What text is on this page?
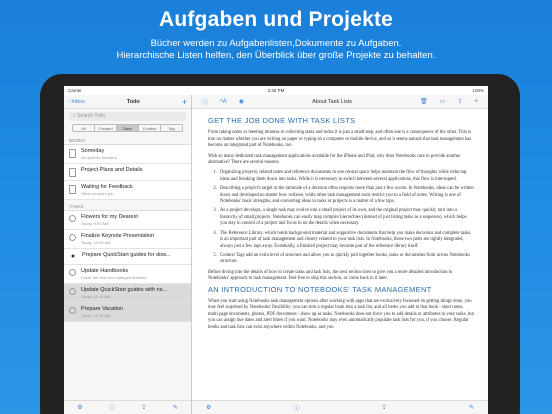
Aufgaben und Projekte
Bücher werden zu Aufgabenlisten,Dokumente zu Aufgaben.
Hierarchische Listen helfen, den Überblick über große Projekte zu behalten.
Carrier	3:36 PM	100%
‹ Inbox	Todo	+
⌕ Search Todo
All	Created	Date	Context	Tag
BOOKS
Someday
No specific deadline
Project Plans and Details
Waiting for Feedback
Other people's job
TASKS
Flowers for my Dearest
Today, 9:00 AM
Finalize Keynote Presentation
Today, 10:00 AM
●	Prepare QuickStart guides for dow...
Update Handbooks
Cover the new and changed features
Update QuickStart guides with ne...
Today, 11:00 AM
Prepare Vacation
Today, 11:00 AM
⚙	ⓘ	⇪	✎
ⓘ ᴬA ◉	About Task Lists	🗑 ▭ ⇪ +
GET THE JOB DONE WITH TASK LISTS

From taking notes or meeting minutes to collecting tasks and todos it is just a small step, and often one is a consequence of the other. This is true no matter whether you are writing on paper or typing on a computer or mobile device, and so it seems natural that task management has become an integrated part of Notebooks, too.

With so many dedicated task management applications available for the iPhone and iPad, why does Notebooks care to provide another alternative? There are several reasons.

1. Organizing projects, related notes and reference documents in one central space helps maintain the flow of thoughts while reducing ideas and breaking them down into tasks. While it is necessary to switch between several applications, this flow is interrupted.
2. Describing a project's target or the rationale of a decision often requires more than just a few words. In Notebooks, ideas can be written down and developed no matter how verbose, while other task management tools restrict you to a field of notes. Writing is one of Notebooks' basic strengths, and converting ideas to tasks or projects is a matter of a few taps.
3. As a project develops, a single task may evolve into a small project of its own, and the original project may quickly turn into a hierarchy of small projects. Notebooks can easily map complex hierarchies (instead of just listing tasks as a sequence), which helps you stay in control of a project and focus in on the details when necessary.
4. The Reference Library, which holds background material and supportive documents that help you make decisions and complete tasks, is an important part of task management and closely related to your task lists. In Notebooks, those two parts are tightly integrated, always just a few taps away. Eventually, a finished project may become part of the reference library itself.
5. Context Tags add an extra level of structure and allow you to quickly pull together books, tasks or documents from across Notebooks structure.

Before diving into the details of how to create tasks and task lists, the next section tries to give you a more detailed introduction to Notebooks' approach to task management. Feel free to skip this section, or come back to it later.

AN INTRODUCTION TO NOTEBOOKS' TASK MANAGEMENT

When you start using Notebooks task management options after working with apps that are exclusively focussed on getting things done, you may feel surprised by Notebooks' flexibility: you can turn a regular book into a task list, and all items you add to that book - short notes, multi page documents, photos, PDF documents - show up as tasks. Notebooks does not force you to add details or attributes to your tasks, but you can assign due dates and alert times if you want. Notebooks may even automatically populate task lists for you, if you choose. Regular books and task lists can exist anywhere within Notebooks, and you

⚙	ⓘ	⇪	✎
